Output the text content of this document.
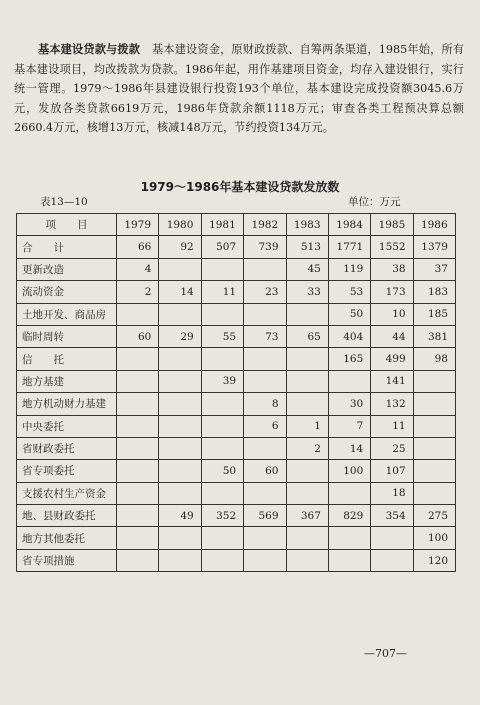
基本建设贷款与拨款 基本建设资金，原财政拨款、自筹两条渠道，1985年始，所有基本建设项目，均改拨款为贷款。1986年起，用作基建项目资金，均存入建设银行，实行统一管理。1979～1986年县建设银行投资193个单位，基本建设完成投资额3045.6万元，发放各类贷款6619万元，1986年贷款余额1118万元；审查各类工程预决算总额2660.4万元，核增13万元，核减148万元，节约投资134万元。
1979～1986年基本建设贷款发放数
表13—10	单位：万元
项　　目	1979	1980	1981	1982	1983	1984	1985	1986
合　　计	66	92	507	739	513	1771	1552	1379
更新改造	4				45	119	38	37
流动资金	2	14	11	23	33	53	173	183
土地开发、商品房						50	10	185
临时周转	60	29	55	73	65	404	44	381
信　　托						165	499	98
地方基建			39				141	
地方机动财力基建				8		30	132	
中央委托				6	1	7	11	
省财政委托					2	14	25	
省专项委托			50	60		100	107	
支援农村生产资金							18	
地、县财政委托		49	352	569	367	829	354	275
地方其他委托								100
省专项措施								120
—707—
